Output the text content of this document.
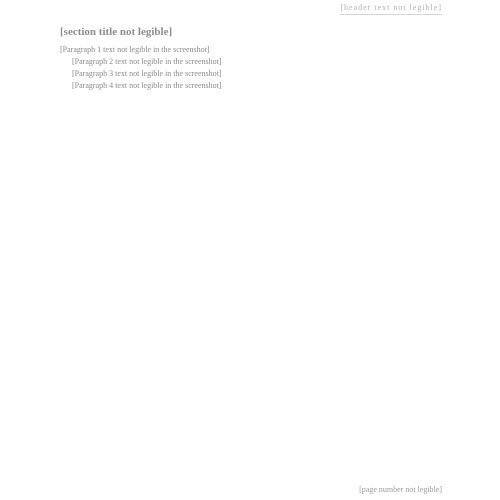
[header text not legible]
[section title not legible]

[Paragraph 1 text not legible in the screenshot]

[Paragraph 2 text not legible in the screenshot]

[Paragraph 3 text not legible in the screenshot]

[Paragraph 4 text not legible in the screenshot]

[page number not legible]
